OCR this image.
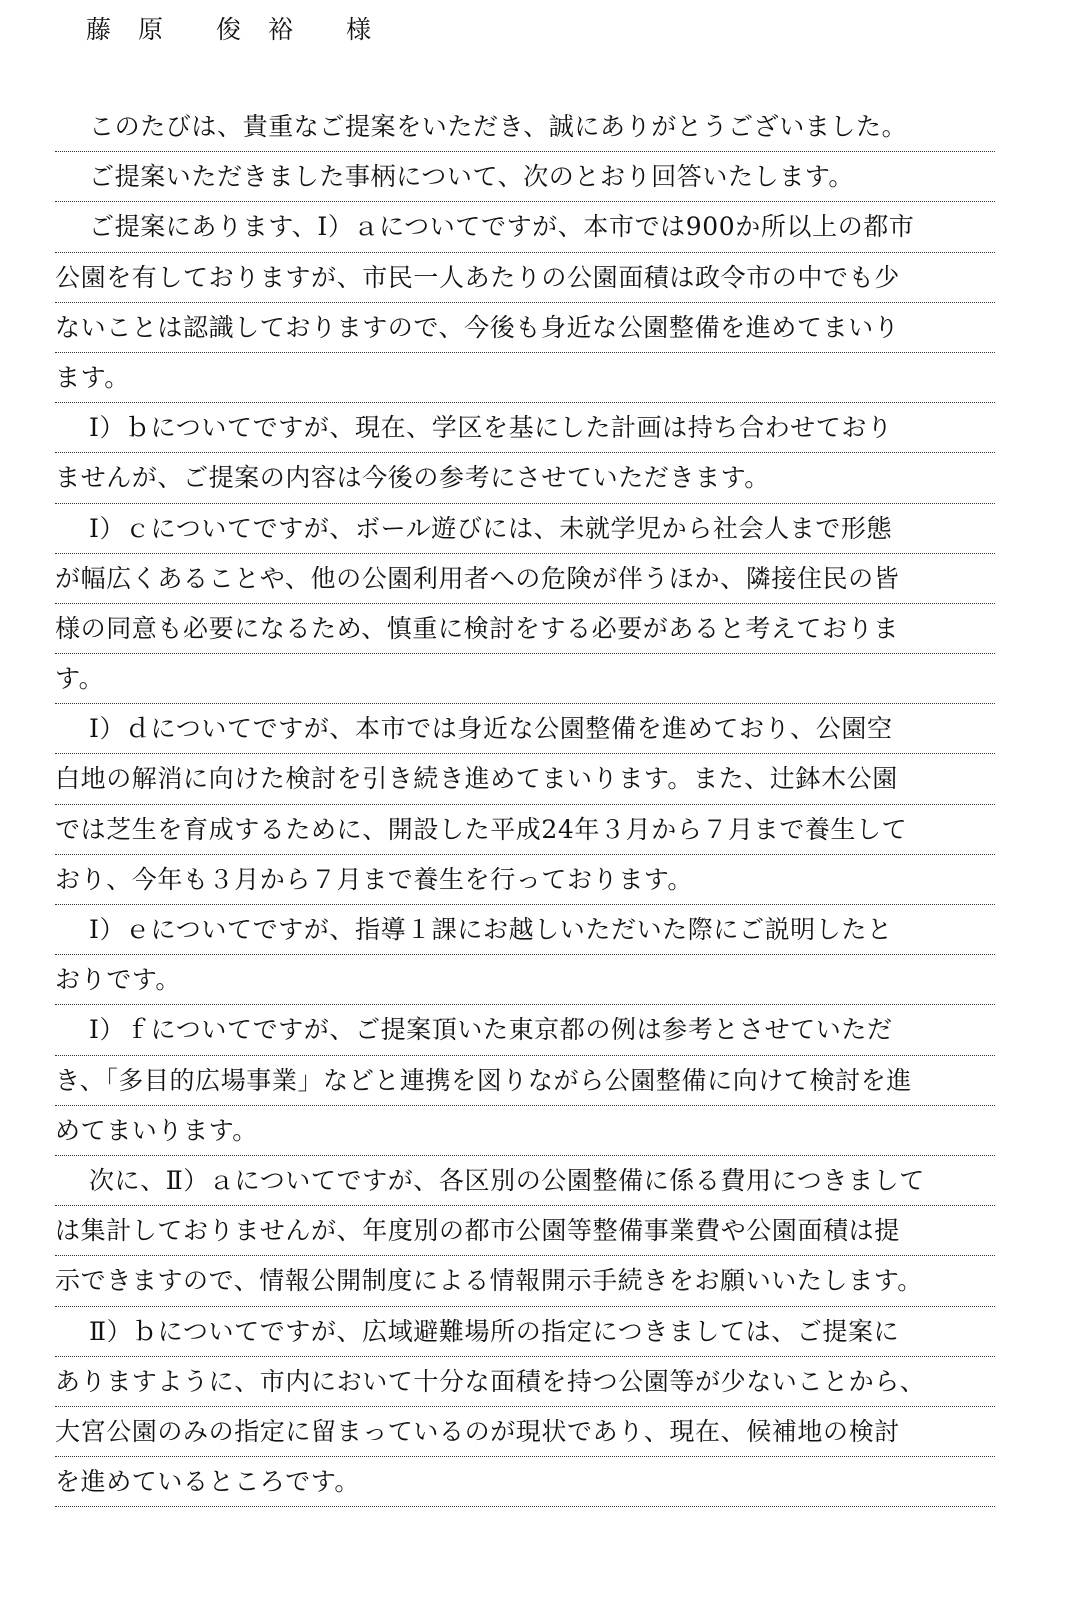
藤　原　　俊　裕　　様
このたびは、貴重なご提案をいただき、誠にありがとうございました。
ご提案いただきました事柄について、次のとおり回答いたします。
ご提案にあります、Ⅰ）ａについてですが、本市では900か所以上の都市
公園を有しておりますが、市民一人あたりの公園面積は政令市の中でも少
ないことは認識しておりますので、今後も身近な公園整備を進めてまいり
ます。
Ⅰ）ｂについてですが、現在、学区を基にした計画は持ち合わせており
ませんが、ご提案の内容は今後の参考にさせていただきます。
Ⅰ）ｃについてですが、ボール遊びには、未就学児から社会人まで形態
が幅広くあることや、他の公園利用者への危険が伴うほか、隣接住民の皆
様の同意も必要になるため、慎重に検討をする必要があると考えておりま
す。
Ⅰ）ｄについてですが、本市では身近な公園整備を進めており、公園空
白地の解消に向けた検討を引き続き進めてまいります。また、辻鉢木公園
では芝生を育成するために、開設した平成24年３月から７月まで養生して
おり、今年も３月から７月まで養生を行っております。
Ⅰ）ｅについてですが、指導１課にお越しいただいた際にご説明したと
おりです。
Ⅰ）ｆについてですが、ご提案頂いた東京都の例は参考とさせていただ
き、「多目的広場事業」などと連携を図りながら公園整備に向けて検討を進
めてまいります。
次に、Ⅱ）ａについてですが、各区別の公園整備に係る費用につきまして
は集計しておりませんが、年度別の都市公園等整備事業費や公園面積は提
示できますので、情報公開制度による情報開示手続きをお願いいたします。
Ⅱ）ｂについてですが、広域避難場所の指定につきましては、ご提案に
ありますように、市内において十分な面積を持つ公園等が少ないことから、
大宮公園のみの指定に留まっているのが現状であり、現在、候補地の検討
を進めているところです。
